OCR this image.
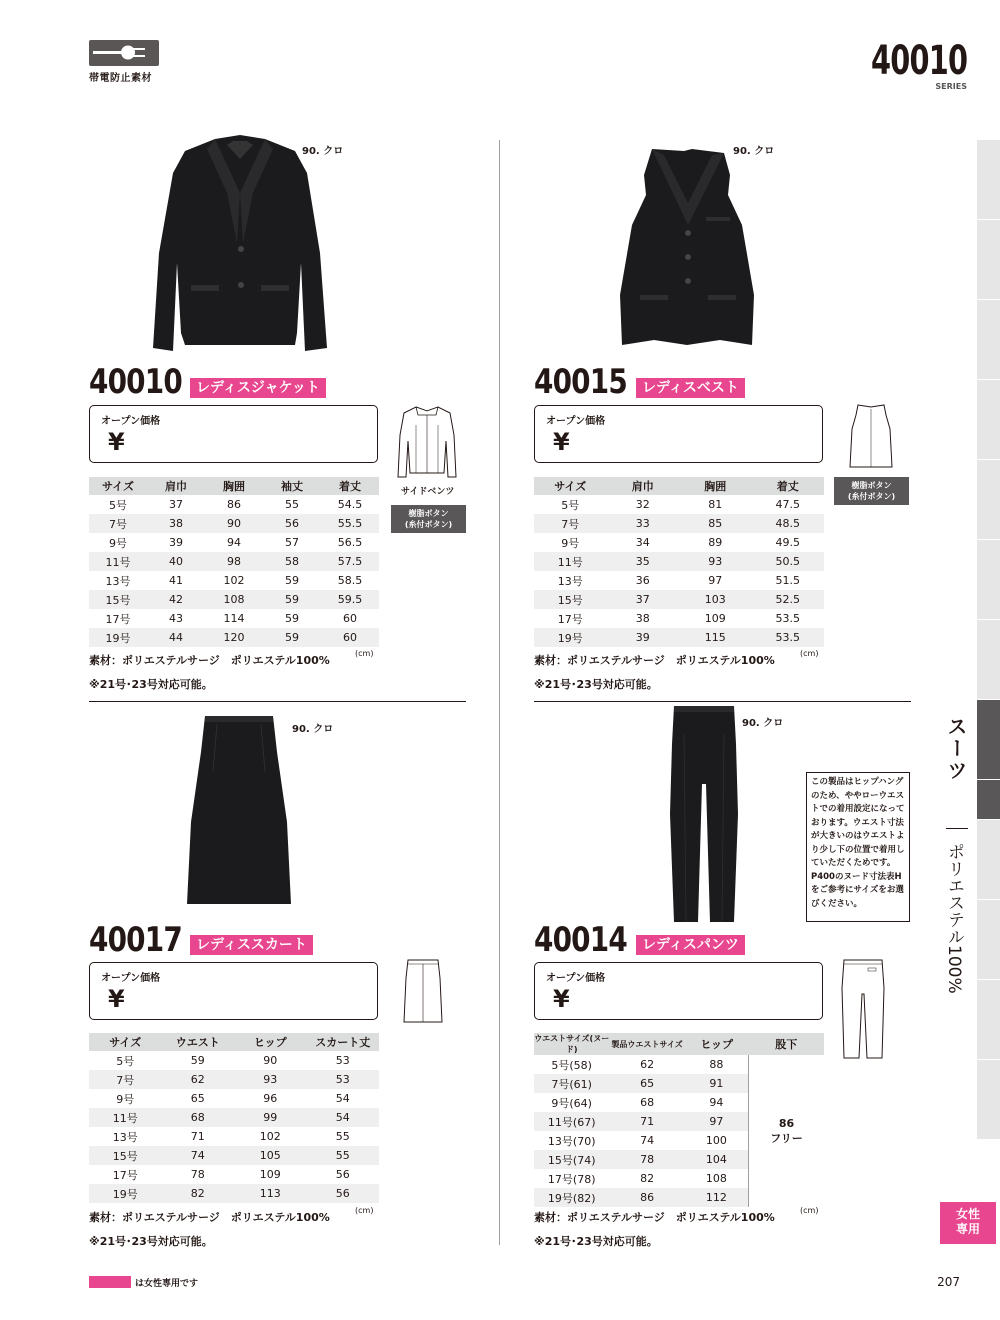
帯電防止素材	40010
SERIES
スーツ
ポリエステル100%
女性
専用
90. クロ
40010	レディスジャケット
オープン価格
¥
サイドベンツ
樹脂ボタン
(糸付ボタン)
サイズ	肩巾	胸囲	袖丈	着丈
5号	37	86	55	54.5
7号	38	90	56	55.5
9号	39	94	57	56.5
11号	40	98	58	57.5
13号	41	102	59	58.5
15号	42	108	59	59.5
17号	43	114	59	60
19号	44	120	59	60
素材：ポリエステルサージ　ポリエステル100%
(cm)
※21号･23号対応可能。
90. クロ
40015	レディスベスト
オープン価格
¥
樹脂ボタン
(糸付ボタン)
サイズ	肩巾	胸囲	着丈
5号	32	81	47.5
7号	33	85	48.5
9号	34	89	49.5
11号	35	93	50.5
13号	36	97	51.5
15号	37	103	52.5
17号	38	109	53.5
19号	39	115	53.5
素材：ポリエステルサージ　ポリエステル100%
(cm)
※21号･23号対応可能。
90. クロ
40017	レディススカート
オープン価格
¥
サイズ	ウエスト	ヒップ	スカート丈
5号	59	90	53
7号	62	93	53
9号	65	96	54
11号	68	99	54
13号	71	102	55
15号	74	105	55
17号	78	109	56
19号	82	113	56
素材：ポリエステルサージ　ポリエステル100%
(cm)
※21号･23号対応可能。
90. クロ
この製品はヒップハングのため、ややローウエストでの着用設定になっております。ウエスト寸法が大きいのはウエストより少し下の位置で着用していただくためです。P400のヌード寸法表Hをご参考にサイズをお選びください。
40014	レディスパンツ
オープン価格
¥
ウエストサイズ(ヌード)	製品ウエストサイズ	ヒップ	股下
5号(58)	62	88	86
フリー

7号(61)	65	91	
9号(64)	68	94	
11号(67)	71	97	
13号(70)	74	100	
15号(74)	78	104	
17号(78)	82	108	
19号(82)	86	112	
素材：ポリエステルサージ　ポリエステル100%
(cm)
※21号･23号対応可能。
は女性専用です	207
